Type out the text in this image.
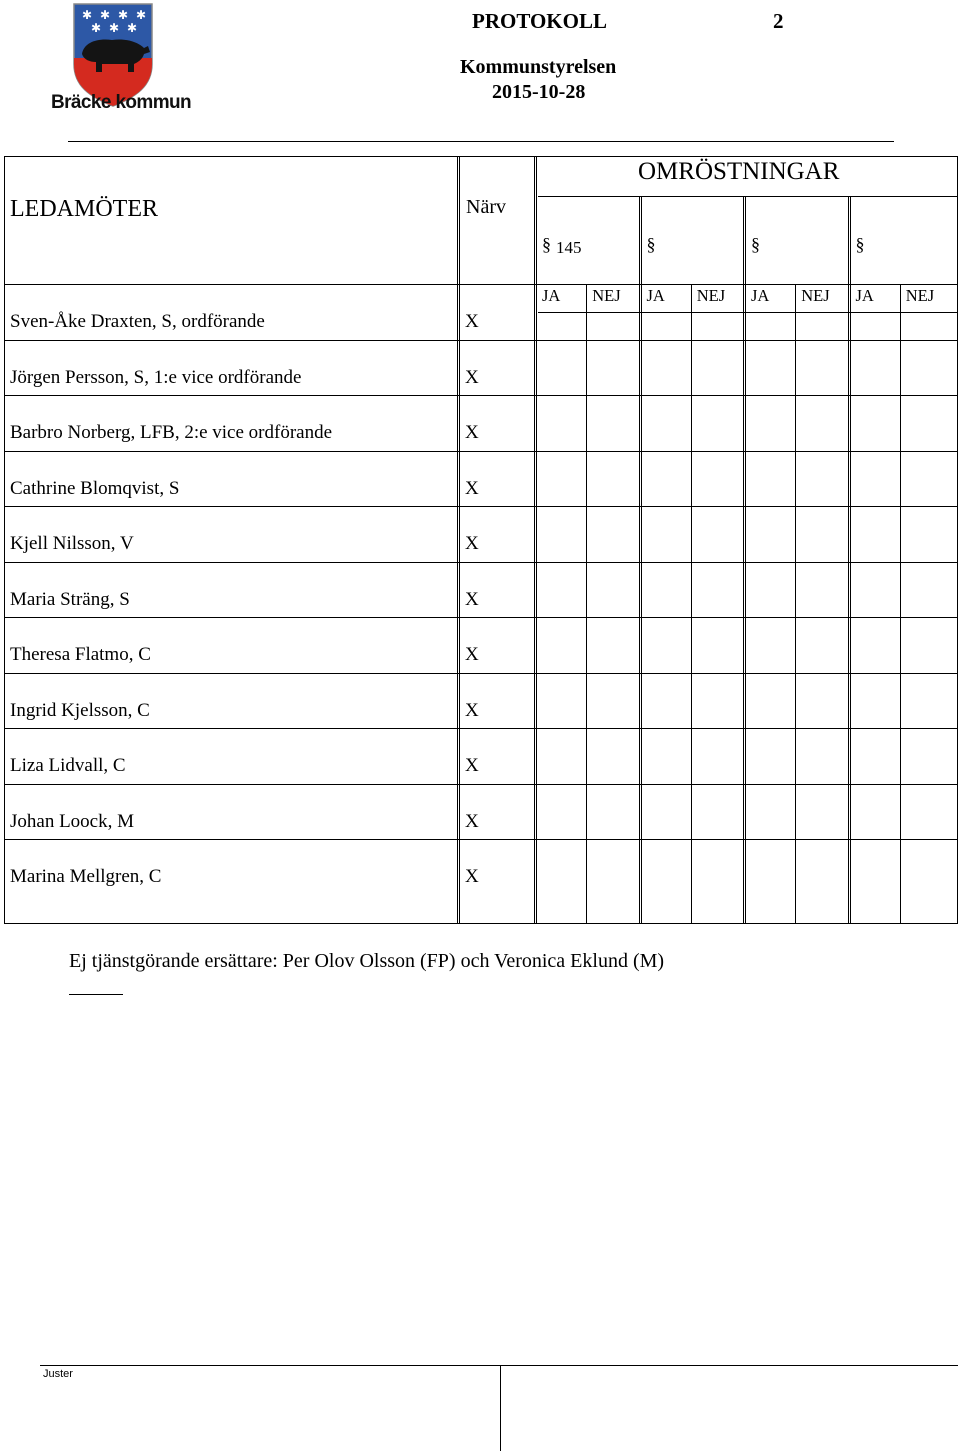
✱ ✱ ✱ ✱
✱ ✱ ✱
Bräcke kommun
PROTOKOLL	2
Kommunstyrelsen
2015-10-28
LEDAMÖTER	Närv
OMRÖSTNINGAR
§ 145
JA NEJ
§
JA NEJ
§
JA NEJ
§
JA NEJ
Sven-Åke Draxten, S, ordförande	X
Jörgen Persson, S, 1:e vice ordförande	X
Barbro Norberg, LFB, 2:e vice ordförande	X
Cathrine Blomqvist, S	X
Kjell Nilsson, V	X
Maria Sträng, S	X
Theresa Flatmo, C	X
Ingrid Kjelsson, C	X
Liza Lidvall, C	X
Johan Loock, M	X
Marina Mellgren, C	X
Ej tjänstgörande ersättare: Per Olov Olsson (FP) och Veronica Eklund (M)
Juster
